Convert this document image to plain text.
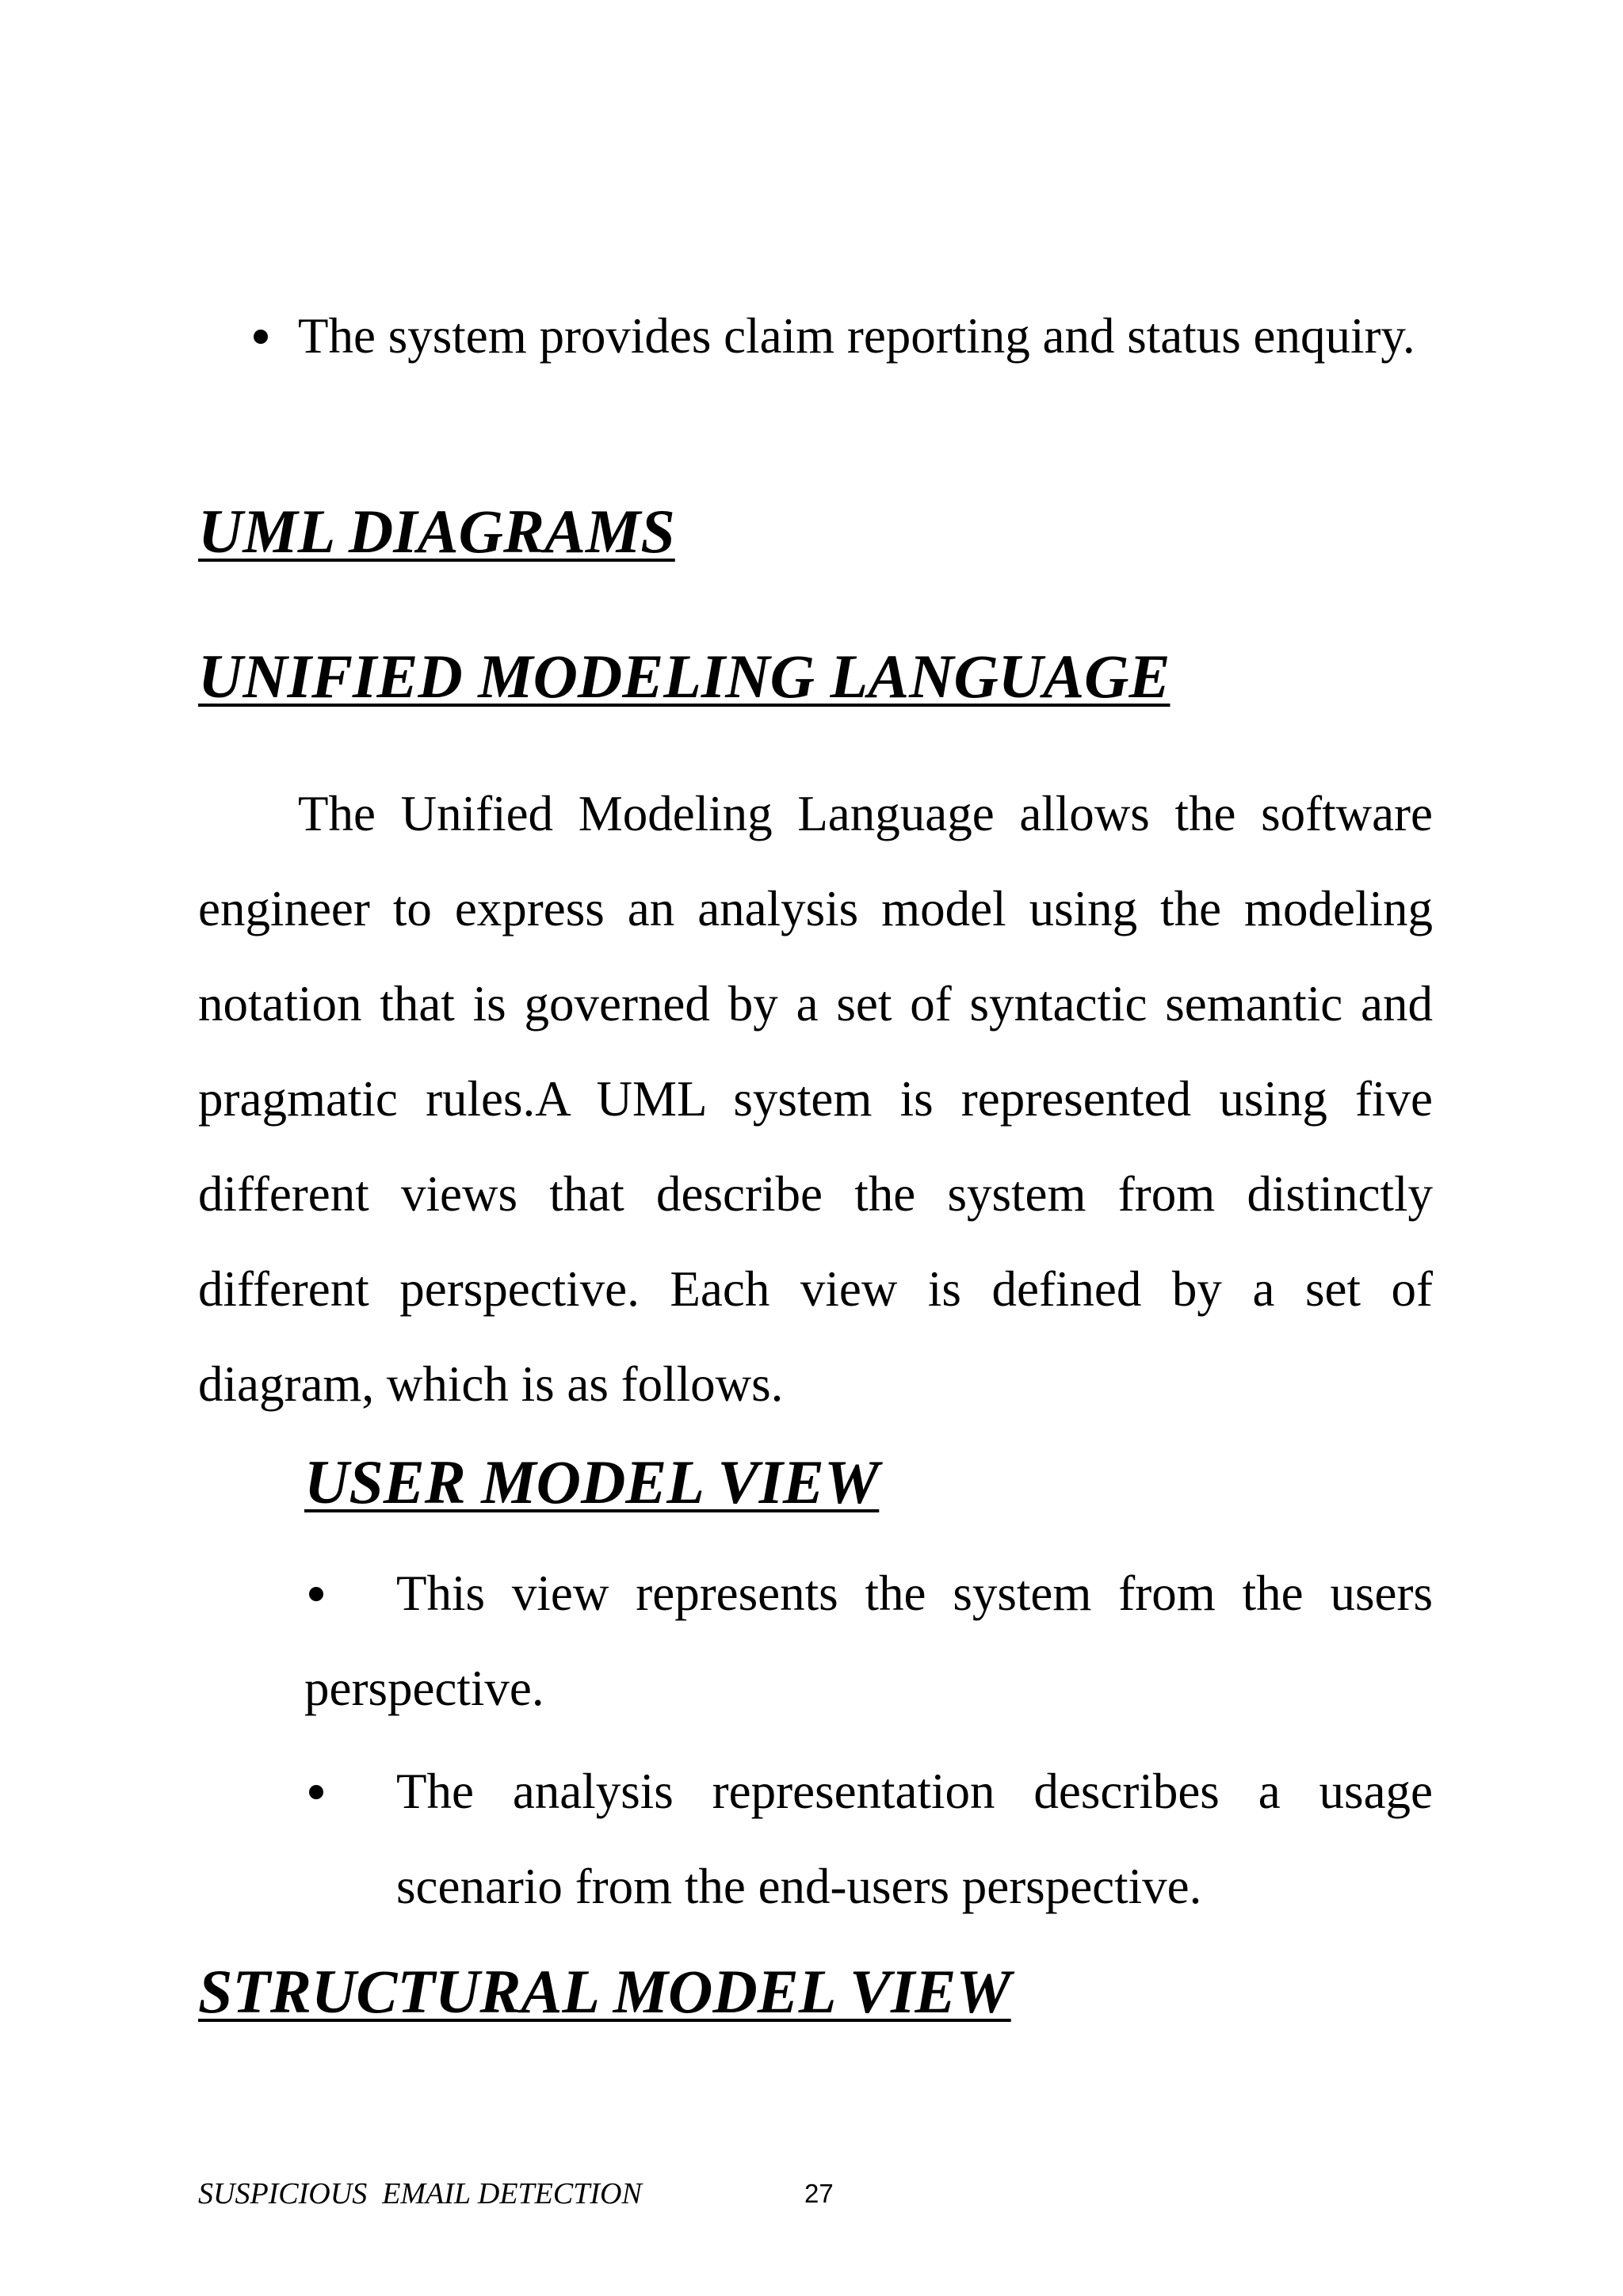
The system provides claim reporting and status enquiry.

UML DIAGRAMS
UNIFIED MODELING LANGUAGE

The Unified Modeling Language allows the software engineer to express an analysis model using the modeling notation that is governed by a set of syntactic semantic and pragmatic rules.A UML system is represented using five different views that describe the system from distinctly different perspective. Each view is defined by a set of diagram, which is as follows.

USER MODEL VIEW

This view represents the system from the users perspective.

The analysis representation describes a usage scenario from the end-users perspective.

STRUCTURAL MODEL VIEW
SUSPICIOUS  EMAIL DETECTION	27
